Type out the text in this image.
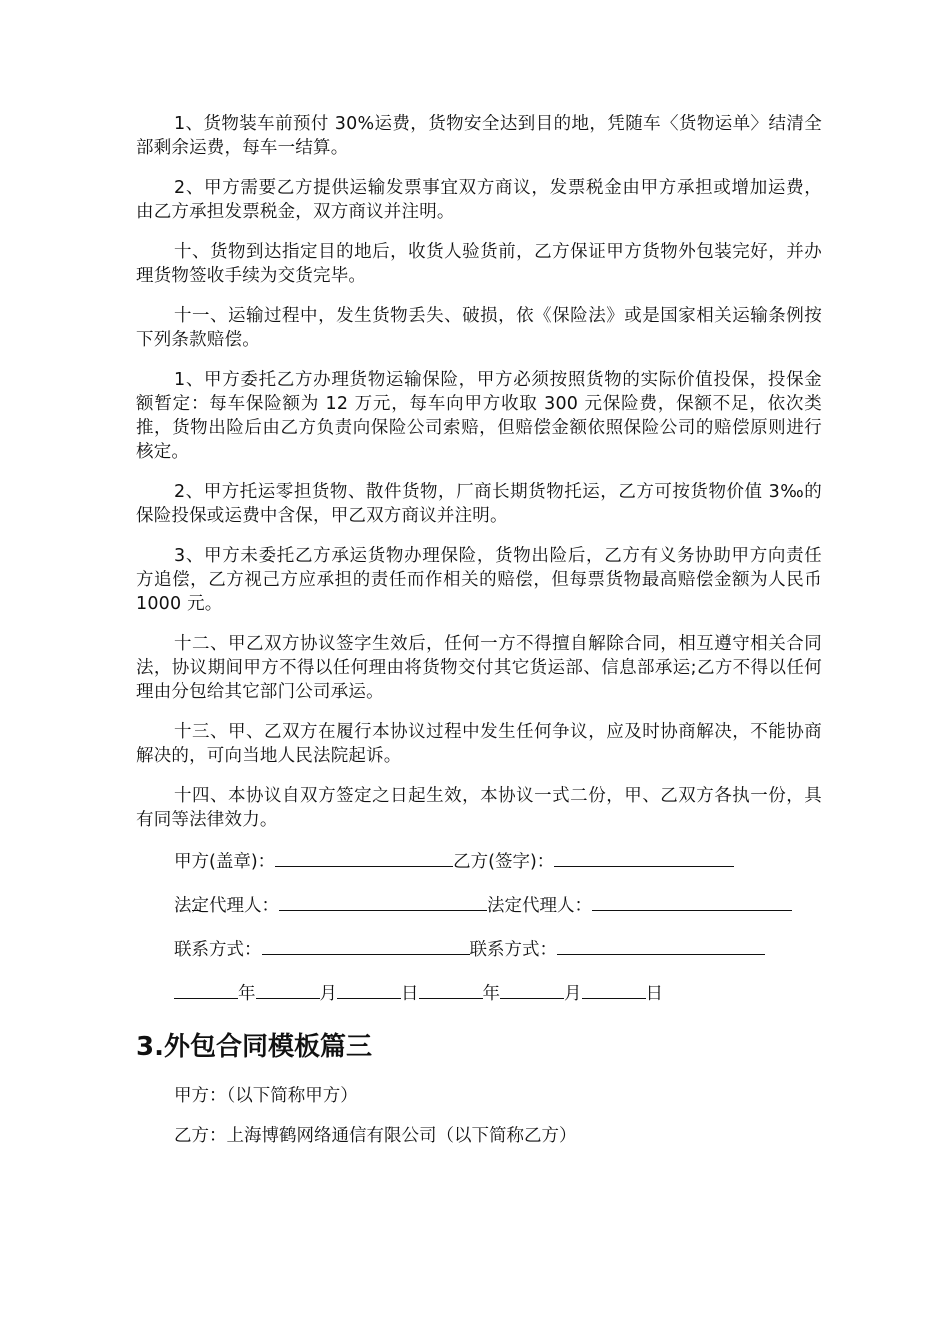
1、货物装车前预付 30%运费，货物安全达到目的地，凭随车〈货物运单〉结清全部剩余运费，每车一结算。

2、甲方需要乙方提供运输发票事宜双方商议，发票税金由甲方承担或增加运费，由乙方承担发票税金，双方商议并注明。

十、货物到达指定目的地后，收货人验货前，乙方保证甲方货物外包装完好，并办理货物签收手续为交货完毕。

十一、运输过程中，发生货物丢失、破损，依《保险法》或是国家相关运输条例按下列条款赔偿。

1、甲方委托乙方办理货物运输保险，甲方必须按照货物的实际价值投保，投保金额暂定：每车保险额为 12 万元，每车向甲方收取 300 元保险费，保额不足，依次类推，货物出险后由乙方负责向保险公司索赔，但赔偿金额依照保险公司的赔偿原则进行核定。

2、甲方托运零担货物、散件货物，厂商长期货物托运，乙方可按货物价值 3‰的保险投保或运费中含保，甲乙双方商议并注明。

3、甲方未委托乙方承运货物办理保险，货物出险后，乙方有义务协助甲方向责任方追偿，乙方视己方应承担的责任而作相关的赔偿，但每票货物最高赔偿金额为人民币 1000 元。

十二、甲乙双方协议签字生效后，任何一方不得擅自解除合同，相互遵守相关合同法，协议期间甲方不得以任何理由将货物交付其它货运部、信息部承运;乙方不得以任何理由分包给其它部门公司承运。

十三、甲、乙双方在履行本协议过程中发生任何争议，应及时协商解决，不能协商解决的，可向当地人民法院起诉。

十四、本协议自双方签定之日起生效，本协议一式二份，甲、乙双方各执一份，具有同等法律效力。

甲方(盖章)：	乙方(签字)：
法定代理人：	法定代理人：
联系方式：	联系方式：
年	月	日	年	月	日
3.外包合同模板篇三
甲方：（以下简称甲方）
乙方：上海博鹤网络通信有限公司（以下简称乙方）
